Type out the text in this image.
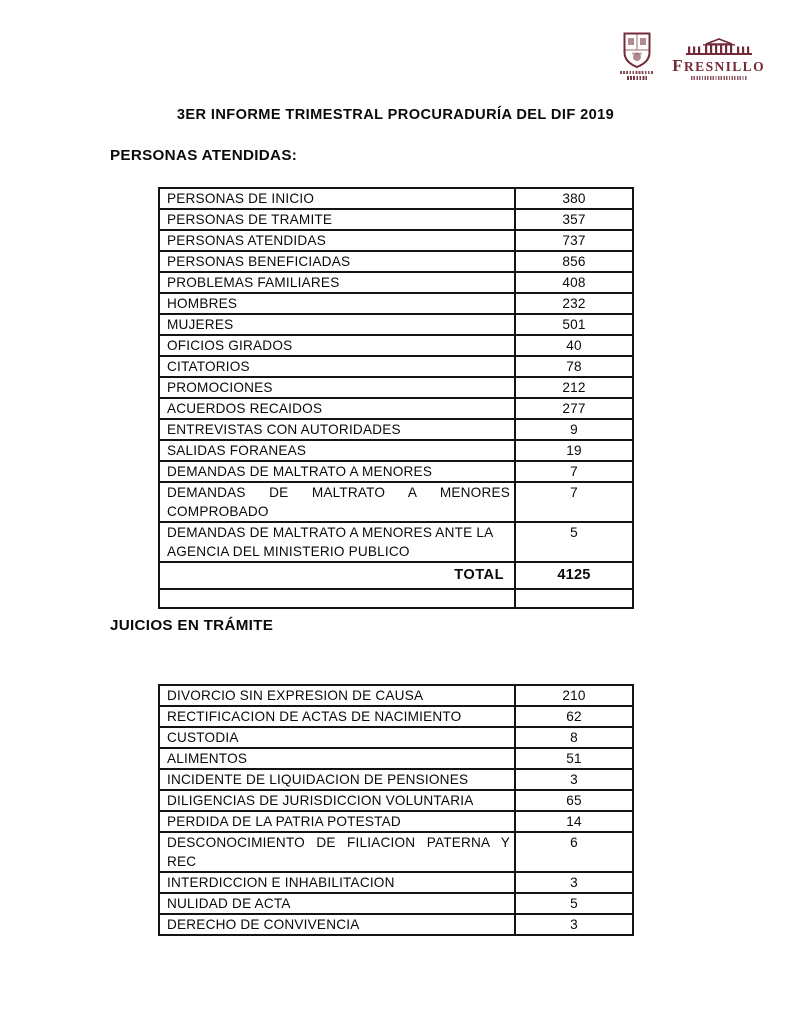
FRESNILLO
3ER INFORME TRIMESTRAL PROCURADURÍA DEL DIF 2019
PERSONAS ATENDIDAS:
PERSONAS DE INICIO	380
PERSONAS DE TRAMITE	357
PERSONAS ATENDIDAS	737
PERSONAS BENEFICIADAS	856
PROBLEMAS FAMILIARES	408
HOMBRES	232
MUJERES	501
OFICIOS GIRADOS	40
CITATORIOS	78
PROMOCIONES	212
ACUERDOS RECAIDOS	277
ENTREVISTAS CON AUTORIDADES	9
SALIDAS FORANEAS	19
DEMANDAS DE MALTRATO A MENORES	7

DEMANDAS DE MALTRATO A MENORES
COMPROBADO	7

DEMANDAS DE MALTRATO A MENORES ANTE LA
AGENCIA DEL MINISTERIO PUBLICO	5
TOTAL	4125

JUICIOS EN TRÁMITE
DIVORCIO SIN EXPRESION DE CAUSA	210
RECTIFICACION DE ACTAS DE NACIMIENTO	62
CUSTODIA	8
ALIMENTOS	51
INCIDENTE DE LIQUIDACION DE PENSIONES	3
DILIGENCIAS DE JURISDICCION VOLUNTARIA	65
PERDIDA DE LA PATRIA POTESTAD	14

DESCONOCIMIENTO DE FILIACION PATERNA Y
REC	6
INTERDICCION E INHABILITACION	3
NULIDAD DE ACTA	5
DERECHO DE CONVIVENCIA	3
